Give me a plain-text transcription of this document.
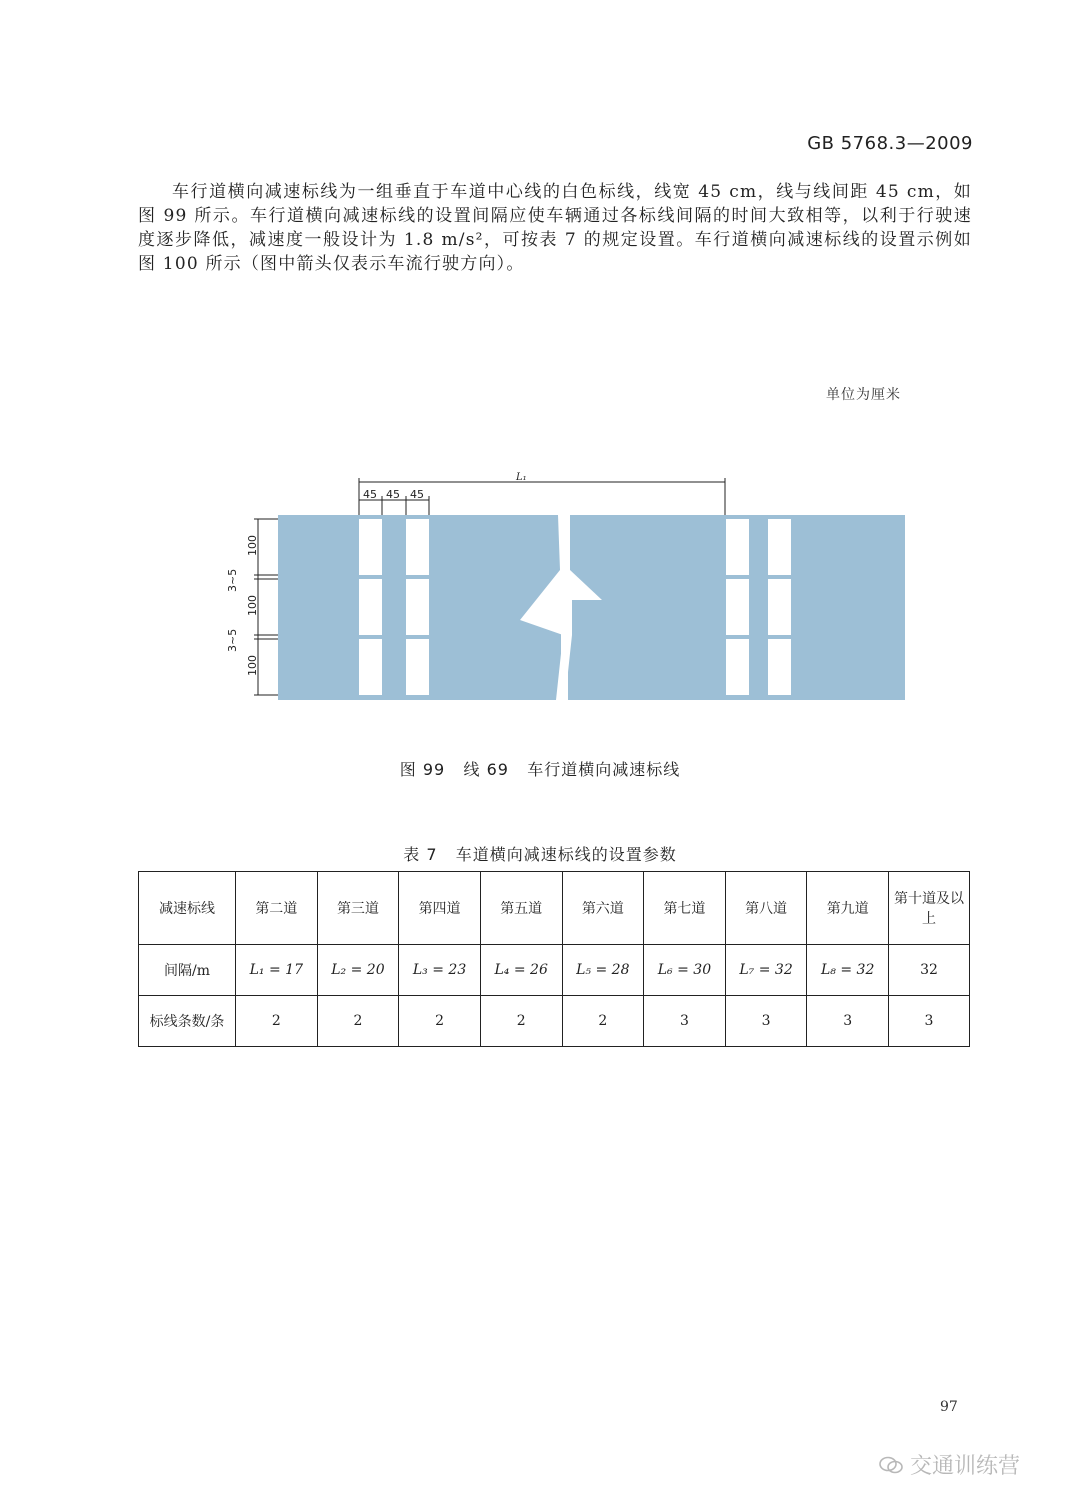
GB 5768.3—2009
车行道横向减速标线为一组垂直于车道中心线的白色标线，线宽 45 cm，线与线间距 45 cm，如图 99 所示。车行道横向减速标线的设置间隔应使车辆通过各标线间隔的时间大致相等，以利于行驶速度逐步降低，减速度一般设计为 1.8 m/s²，可按表 7 的规定设置。车行道横向减速标线的设置示例如图 100 所示（图中箭头仅表示车流行驶方向）。
单位为厘米
L₁
45 45 45
100
3~5
100
3~5
100
图 99   线 69   车行道横向减速标线
表 7   车道横向减速标线的设置参数
减速标线	第二道	第三道	第四道	第五道	第六道	第七道	第八道	第九道	第十道及以上
间隔/m	L₁ = 17	L₂ = 20	L₃ = 23	L₄ = 26	L₅ = 28	L₆ = 30	L₇ = 32	L₈ = 32	32
标线条数/条	2	2	2	2	2	3	3	3	3
97
交通训练营
